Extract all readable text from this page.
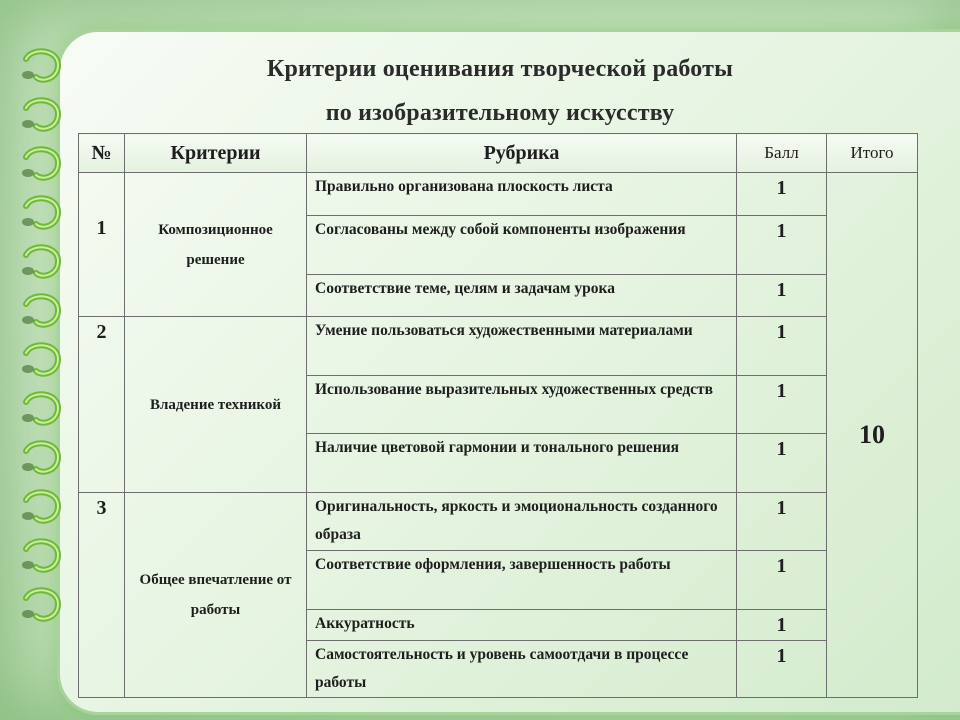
Критерии оценивания творческой работы
по изобразительному искусству
№	Критерии	Рубрика	Балл	Итого

1	Композиционное решение	Правильно организована плоскость листа	1	10
		Согласованы между собой компоненты изображения	1	
		Соответствие теме, целям и задачам урока	1	

2	Владение техникой	Умение пользоваться художественными материалами	1	
		Использование выразительных художественных средств	1	
		Наличие цветовой гармонии и тонального решения	1	

3	Общее впечатление от работы	Оригинальность, яркость и эмоциональность созданного образа	1	
		Соответствие оформления, завершенность работы	1	
		Аккуратность	1	
		Самостоятельность и уровень самоотдачи в процессе работы	1	
